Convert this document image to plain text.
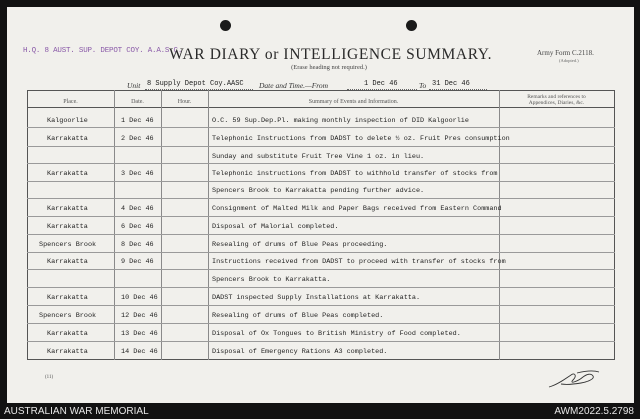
H.Q. 8 AUST. SUP. DEPOT COY. A.A.S.C.
WAR DIARY or INTELLIGENCE SUMMARY.
(Erase heading not required.)
Army Form C.2118.
(Adopted.)
Unit 8 Supply Depot Coy.AASC Date and Time.—From	1 Dec 46	To 31 Dec 46
Place.	Date.	Hour.	Summary of Events and Information.
Remarks and references to
Appendices, Diaries, &c.
Kalgoorlie	1 Dec 46	O.C. 59 Sup.Dep.Pl. making monthly inspection of DID Kalgoorlie
Karrakatta	2 Dec 46	Telephonic Instructions from DADST to delete ½ oz. Fruit Pres consumption
Sunday and substitute Fruit Tree Vine 1 oz. in lieu.
Karrakatta	3 Dec 46	Telephonic instructions from DADST to withhold transfer of stocks from
Spencers Brook to Karrakatta pending further advice.
Karrakatta	4 Dec 46	Consignment of Malted Milk and Paper Bags received from Eastern Command
Karrakatta	6 Dec 46	Disposal of Malorial completed.
Spencers Brook	8 Dec 46	Resealing of drums of Blue Peas proceeding.
Karrakatta	9 Dec 46	Instructions received from DADST to proceed with transfer of stocks from
Spencers Brook to Karrakatta.
Karrakatta	10 Dec 46	DADST inspected Supply Installations at Karrakatta.
Spencers Brook	12 Dec 46	Resealing of drums of Blue Peas completed.
Karrakatta	13 Dec 46	Disposal of Ox Tongues to British Ministry of Food completed.
Karrakatta	14 Dec 46	Disposal of Emergency Rations A3 completed.
(11)
AUSTRALIAN WAR MEMORIAL	AWM2022.5.2798
